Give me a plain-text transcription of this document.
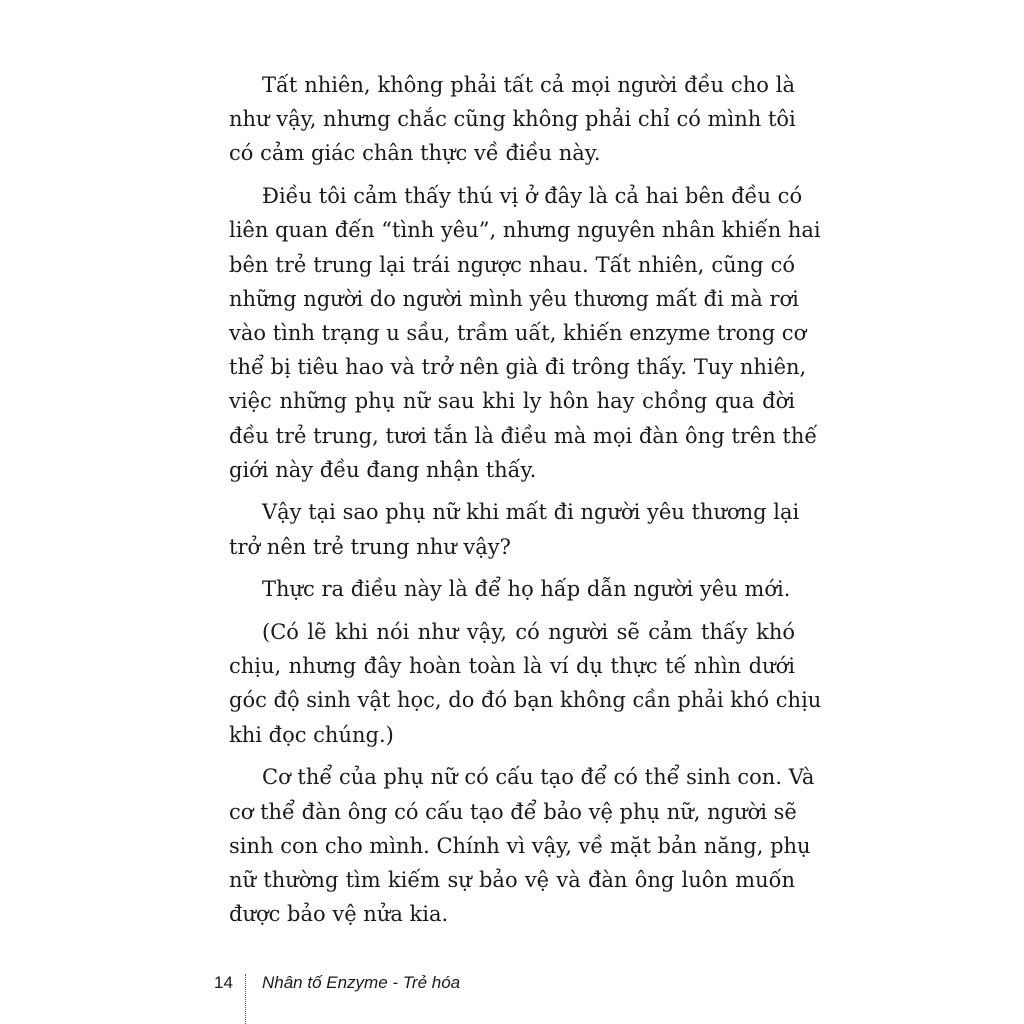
Tất nhiên, không phải tất cả mọi người đều cho là
như vậy, nhưng chắc cũng không phải chỉ có mình tôi
có cảm giác chân thực về điều này.
Điều tôi cảm thấy thú vị ở đây là cả hai bên đều có
liên quan đến “tình yêu”, nhưng nguyên nhân khiến hai
bên trẻ trung lại trái ngược nhau. Tất nhiên, cũng có
những người do người mình yêu thương mất đi mà rơi
vào tình trạng u sầu, trầm uất, khiến enzyme trong cơ
thể bị tiêu hao và trở nên già đi trông thấy. Tuy nhiên,
việc những phụ nữ sau khi ly hôn hay chồng qua đời
đều trẻ trung, tươi tắn là điều mà mọi đàn ông trên thế
giới này đều đang nhận thấy.
Vậy tại sao phụ nữ khi mất đi người yêu thương lại
trở nên trẻ trung như vậy?
Thực ra điều này là để họ hấp dẫn người yêu mới.
(Có lẽ khi nói như vậy, có người sẽ cảm thấy khó
chịu, nhưng đây hoàn toàn là ví dụ thực tế nhìn dưới
góc độ sinh vật học, do đó bạn không cần phải khó chịu
khi đọc chúng.)
Cơ thể của phụ nữ có cấu tạo để có thể sinh con. Và
cơ thể đàn ông có cấu tạo để bảo vệ phụ nữ, người sẽ
sinh con cho mình. Chính vì vậy, về mặt bản năng, phụ
nữ thường tìm kiếm sự bảo vệ và đàn ông luôn muốn
được bảo vệ nửa kia.
14 Nhân tố Enzyme - Trẻ hóa
